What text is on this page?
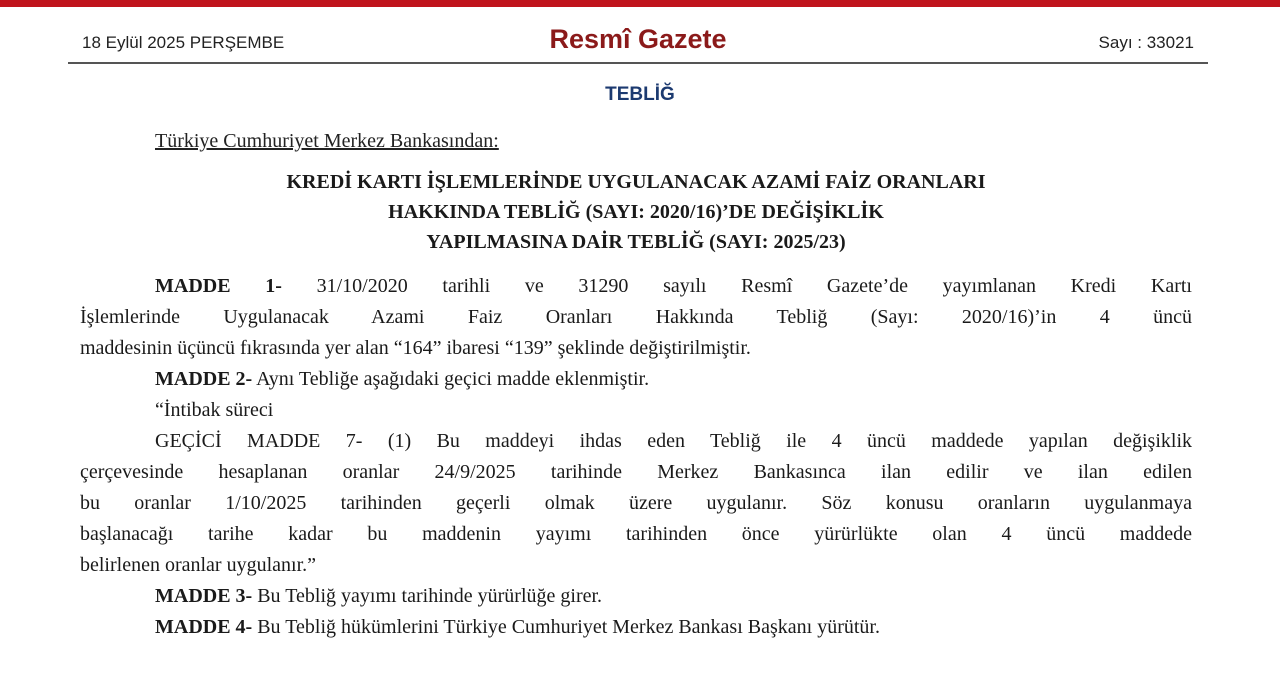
18 Eylül 2025 PERŞEMBE	Resmî Gazete	Sayı : 33021
TEBLİĞ
Türkiye Cumhuriyet Merkez Bankasından:
KREDİ KARTI İŞLEMLERİNDE UYGULANACAK AZAMİ FAİZ ORANLARI
HAKKINDA TEBLİĞ (SAYI: 2020/16)’DE DEĞİŞİKLİK
YAPILMASINA DAİR TEBLİĞ (SAYI: 2025/23)
MADDE 1- 31/10/2020 tarihli ve 31290 sayılı Resmî Gazete’de yayımlanan Kredi Kartı
İşlemlerinde Uygulanacak Azami Faiz Oranları Hakkında Tebliğ (Sayı: 2020/16)’in 4 üncü
maddesinin üçüncü fıkrasında yer alan “164” ibaresi “139” şeklinde değiştirilmiştir.
MADDE 2- Aynı Tebliğe aşağıdaki geçici madde eklenmiştir.
“İntibak süreci
GEÇİCİ MADDE 7- (1) Bu maddeyi ihdas eden Tebliğ ile 4 üncü maddede yapılan değişiklik
çerçevesinde hesaplanan oranlar 24/9/2025 tarihinde Merkez Bankasınca ilan edilir ve ilan edilen
bu oranlar 1/10/2025 tarihinden geçerli olmak üzere uygulanır. Söz konusu oranların uygulanmaya
başlanacağı tarihe kadar bu maddenin yayımı tarihinden önce yürürlükte olan 4 üncü maddede
belirlenen oranlar uygulanır.”
MADDE 3- Bu Tebliğ yayımı tarihinde yürürlüğe girer.
MADDE 4- Bu Tebliğ hükümlerini Türkiye Cumhuriyet Merkez Bankası Başkanı yürütür.
